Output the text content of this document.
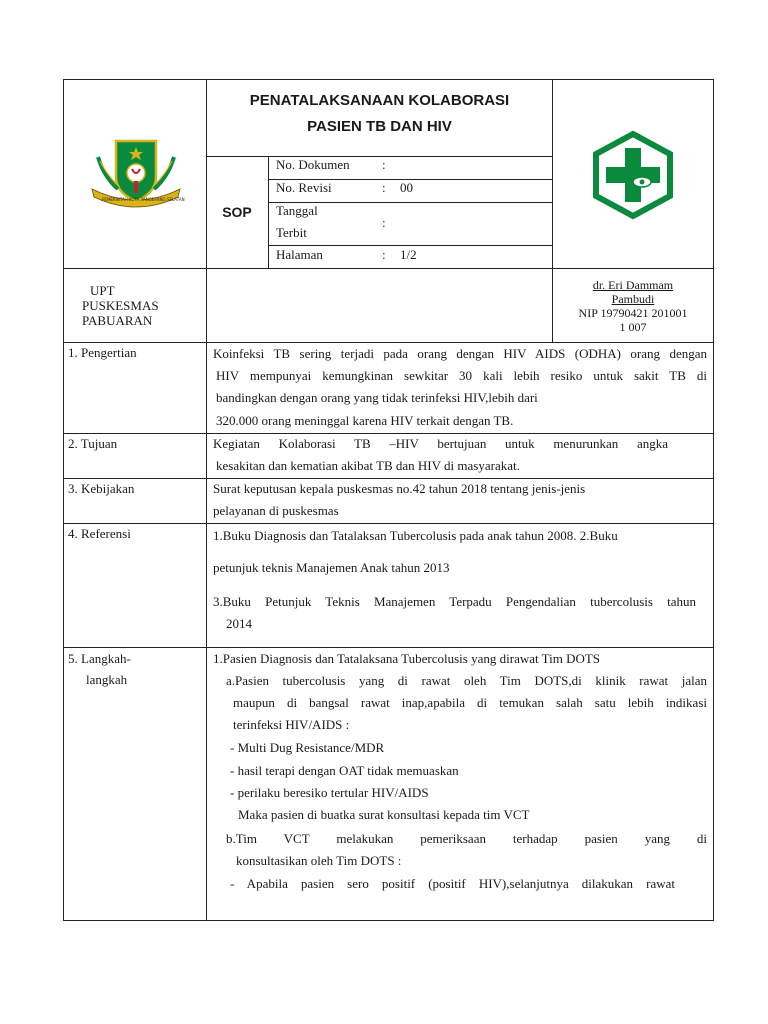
PEMERINTAH KOTA TANGERANG SELATAN
PENATALAKSANAAN KOLABORASI
PASIEN TB DAN HIV
SOP
No. Dokumen :
No. Revisi	: 00
Tanggal
Terbit
:
Halaman	: 1/2
UPT
PUSKESMAS
PABUARAN
dr. Eri Dammam
Pambudi
NIP 19790421 201001
1 007
1. Pengertian
2. Tujuan
3. Kebijakan
4. Referensi
5. Langkah-
langkah
Koinfeksi TB sering terjadi pada orang dengan HIV AIDS (ODHA) orang dengan
HIV mempunyai kemungkinan sewkitar 30 kali lebih resiko untuk sakit TB di
bandingkan dengan orang yang tidak terinfeksi HIV,lebih dari
320.000 orang meninggal karena HIV terkait dengan TB.
Kegiatan Kolaborasi TB –HIV bertujuan untuk menurunkan angka
kesakitan dan kematian akibat TB dan HIV di masyarakat.
Surat keputusan kepala puskesmas no.42 tahun 2018 tentang jenis-jenis
pelayanan di puskesmas
1.Buku Diagnosis dan Tatalaksan Tubercolusis pada anak tahun 2008. 2.Buku
petunjuk teknis Manajemen Anak tahun 2013
3.Buku Petunjuk Teknis Manajemen Terpadu Pengendalian tubercolusis tahun
2014
1.Pasien Diagnosis dan Tatalaksana Tubercolusis yang dirawat Tim DOTS
a.Pasien tubercolusis yang di rawat oleh Tim DOTS,di klinik rawat jalan
maupun di bangsal rawat inap,apabila di temukan salah satu lebih indikasi
terinfeksi HIV/AIDS :
- Multi Dug Resistance/MDR
- hasil terapi dengan OAT tidak memuaskan
- perilaku beresiko tertular HIV/AIDS
Maka pasien di buatka surat konsultasi kepada tim VCT
b.Tim VCT melakukan pemeriksaan terhadap pasien yang di
konsultasikan oleh Tim DOTS :
- Apabila pasien sero positif (positif HIV),selanjutnya dilakukan rawat
